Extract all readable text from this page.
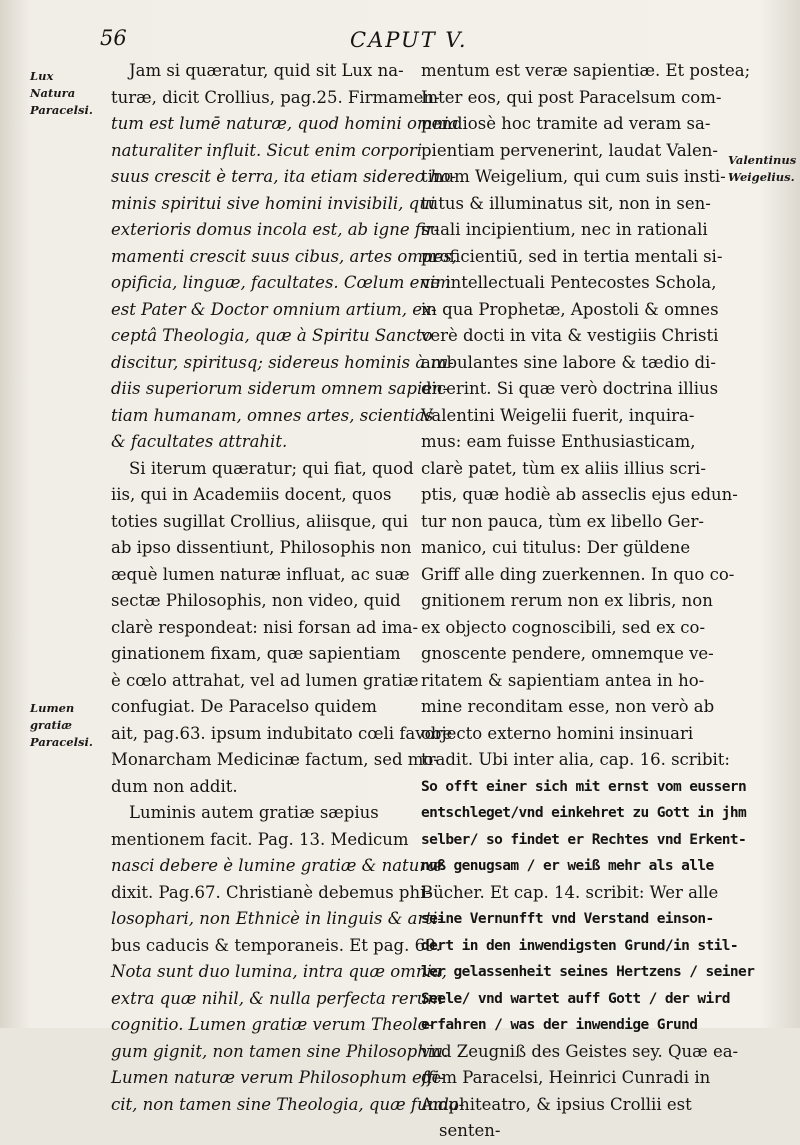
56	CAPUT V.
Lux Natura Paracelsi.
Lumen gratiæ Paracelsi.
Valentinus Weigelius.
Jam si quæratur, quid sit Lux na-
turæ, dicit Crollius, pag.25. Firmamen-
tum est lumē naturæ, quod homini omnia
naturaliter influit. Sicut enim corpori
suus crescit è terra, ita etiam sidereo ho-
minis spiritui sive homini invisibili, qui
exterioris domus incola est, ab igne fir-
mamenti crescit suus cibus, artes omnes,
opificia, linguæ, facultates. Cœlum enim
est Pater & Doctor omnium artium, ex-
ceptâ Theologia, quæ à Spiritu Sancto
discitur, spiritusq; sidereus hominis à ra-
diis superiorum siderum omnem sapien-
tiam humanam, omnes artes, scientias
& facultates attrahit.
Si iterum quæratur; qui fiat, quod
iis, qui in Academiis docent, quos
toties sugillat Crollius, aliisque, qui
ab ipso dissentiunt, Philosophis non
æquè lumen naturæ influat, ac suæ
sectæ Philosophis, non video, quid
clarè respondeat: nisi forsan ad ima-
ginationem fixam, quæ sapientiam
è cœlo attrahat, vel ad lumen gratiæ
confugiat. De Paracelso quidem
ait, pag.63. ipsum indubitato cœli favore
Monarcham Medicinæ factum, sed mo-
dum non addit.
Luminis autem gratiæ sæpius
mentionem facit. Pag. 13. Medicum
nasci debere è lumine gratiæ & naturæ
dixit. Pag.67. Christianè debemus phi-
losophari, non Ethnicè in linguis & arti-
bus caducis & temporaneis. Et pag. 69.
Nota sunt duo lumina, intra quæ omnia,
extra quæ nihil, & nulla perfecta rerum
cognitio. Lumen gratiæ verum Theolo-
gum gignit, non tamen sine Philosophia.
Lumen naturæ verum Philosophum effi-
cit, non tamen sine Theologia, quæ funda-
mentum est veræ sapientiæ. Et postea;
Inter eos, qui post Paracelsum com-
pendiosè hoc tramite ad veram sa-
pientiam pervenerint, laudat Valen-
tinum Weigelium, qui cum suis insti-
tutus & illuminatus sit, non in sen-
suali incipientium, nec in rationali
proficientiū, sed in tertia mentali si-
ve intellectuali Pentecostes Schola,
in qua Prophetæ, Apostoli & omnes
verè docti in vita & vestigiis Christi
ambulantes sine labore & tædio di-
dicerint. Si quæ verò doctrina illius
Valentini Weigelii fuerit, inquira-
mus: eam fuisse Enthusiasticam,
clarè patet, tùm ex aliis illius scri-
ptis, quæ hodiè ab asseclis ejus edun-
tur non pauca, tùm ex libello Ger-
manico, cui titulus: Der güldene
Griff alle ding zuerkennen. In quo co-
gnitionem rerum non ex libris, non
ex objecto cognoscibili, sed ex co-
gnoscente pendere, omnemque ve-
ritatem & sapientiam antea in ho-
mine reconditam esse, non verò ab
objecto externo homini insinuari
tradit. Ubi inter alia, cap. 16. scribit:
So offt einer sich mit ernst vom eussern
entschleget/vnd einkehret zu Gott in jhm
selber/ so findet er Rechtes vnd Erkent-
nuß genugsam / er weiß mehr als alle
Bücher. Et cap. 14. scribit: Wer alle
seine Vernunfft vnd Verstand einson-
dert in den inwendigsten Grund/in stil-
ler gelassenheit seines Hertzens / seiner
Seele/ vnd wartet auff Gott / der wird
erfahren / was der inwendige Grund
vnd Zeugniß des Geistes sey. Quæ ea-
dem Paracelsi, Heinrici Cunradi in
Amphiteatro, & ipsius Crollii est
senten-
